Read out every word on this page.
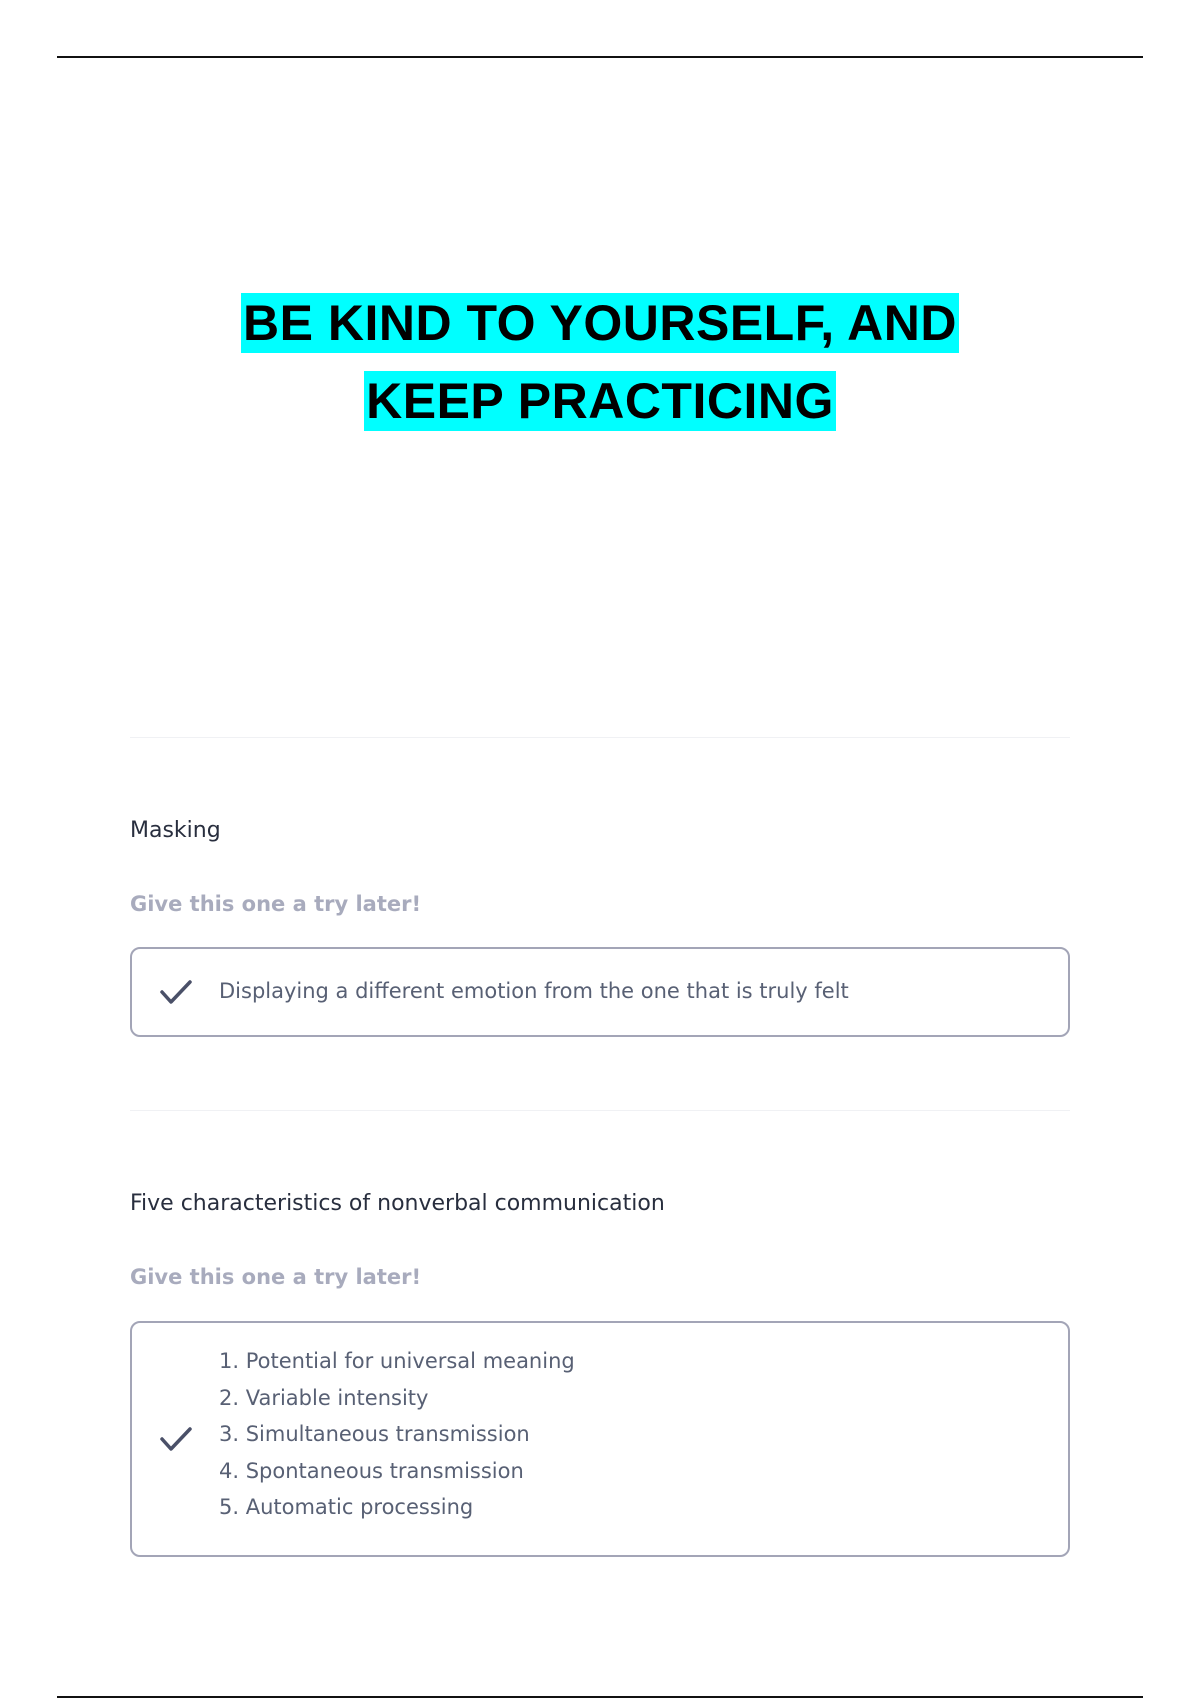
BE KIND TO YOURSELF, AND
KEEP PRACTICING
Masking
Give this one a try later!
Displaying a different emotion from the one that is truly felt
Five characteristics of nonverbal communication
Give this one a try later!
1. Potential for universal meaning
2. Variable intensity
3. Simultaneous transmission
4. Spontaneous transmission
5. Automatic processing
